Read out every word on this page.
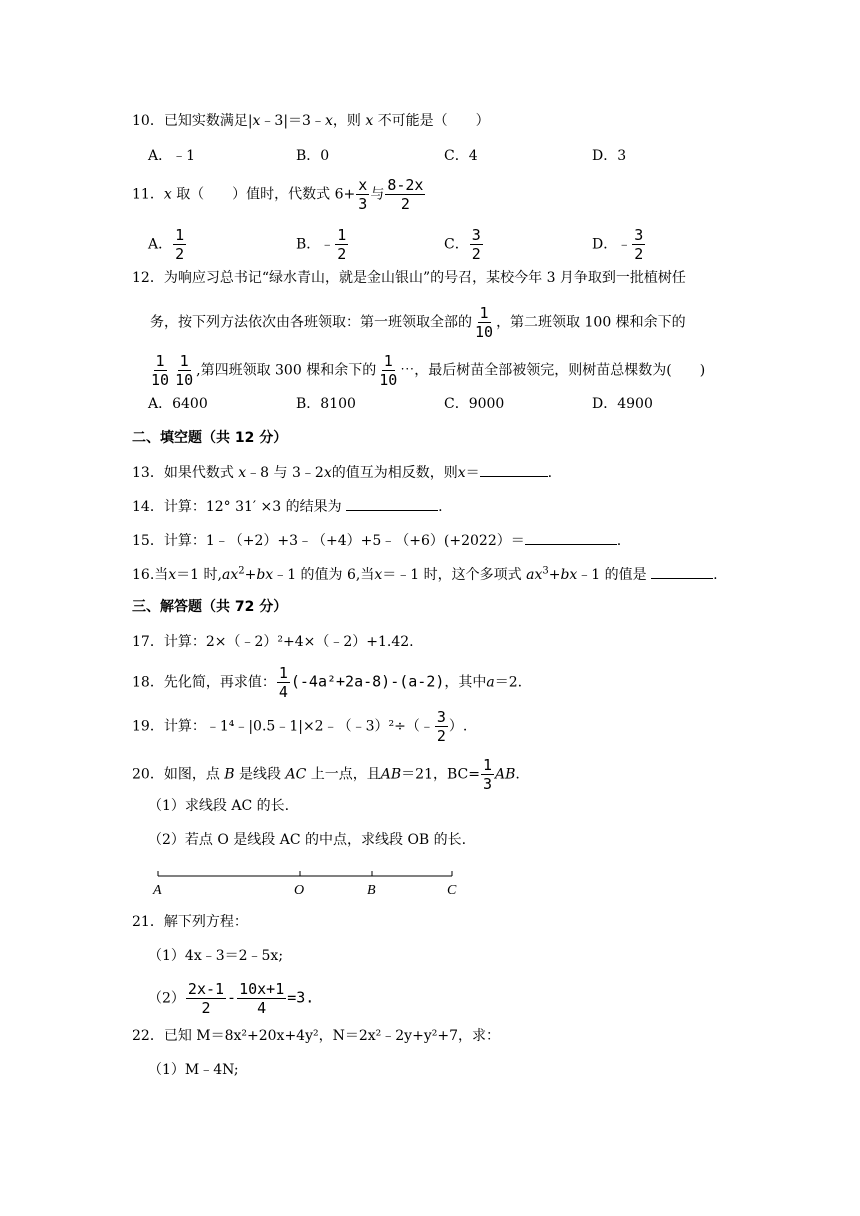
10．已知实数满足|x﹣3|＝3﹣x，则 x 不可能是（　　）
A．﹣1	B．0	C．4	D．3
11．x 取（　　）值时，代数式 $6+ \frac{x}{3}$ 与 $\frac{8-2x}{2}$
A． $\frac{1}{2}$	B．﹣ $\frac{1}{2}$	C． $\frac{3}{2}$	D．﹣ $\frac{3}{2}$
12．为响应习总书记“绿水青山，就是金山银山”的号召，某校今年 3 月争取到一批植树任
务，按下列方法依次由各班领取：第一班领取全部的 $\frac{1}{10}$ ，第二班领取 100 棵和余下的
$\frac{1}{10} \frac{1}{10}$ ,第四班领取 300 棵和余下的 $\frac{1}{10}$ ⋯，最后树苗全部被领完，则树苗总棵数为(　　)
A．6400	B．8100	C．9000	D．4900
二、填空题（共 12 分）
13．如果代数式 x﹣8 与 3﹣2x的值互为相反数，则x＝	.
14．计算：12° 31′ ×3 的结果为	.
15．计算：1﹣（+2）+3﹣（+4）+5﹣（+6）(+2022）＝	.
16.当x＝1 时$,ax^2+bx﹣1$ 的值为 6,当x＝﹣1 时，这个多项式 $ax^3+bx﹣1$ 的值是	.
三、解答题（共 72 分）
17．计算：2×（﹣2）²+4×（﹣2）+1.42.
18．先化简，再求值： $\frac{1}{4} (-4a^2+2a-8)-(a-2)$，其中a＝2.
19．计算：﹣1⁴﹣|0.5﹣1|×2﹣（﹣3）²÷（﹣ $\frac{3}{2}$ ）.
20．如图，点 B 是线段 AC 上一点，且AB＝21，$BC= \frac{1}{3}$ AB.
（1）求线段 AC 的长.
（2）若点 O 是线段 AC 的中点，求线段 OB 的长.
A	O	B	C
21．解下列方程：
（1）4x﹣3＝2﹣5x;
$(2) \frac{2x-1}{2} - \frac{10x+1}{4} =3$.
22．已知 M＝8x²+20x+4y²，N＝2x²﹣2y+y²+7，求：
（1）M﹣4N;
